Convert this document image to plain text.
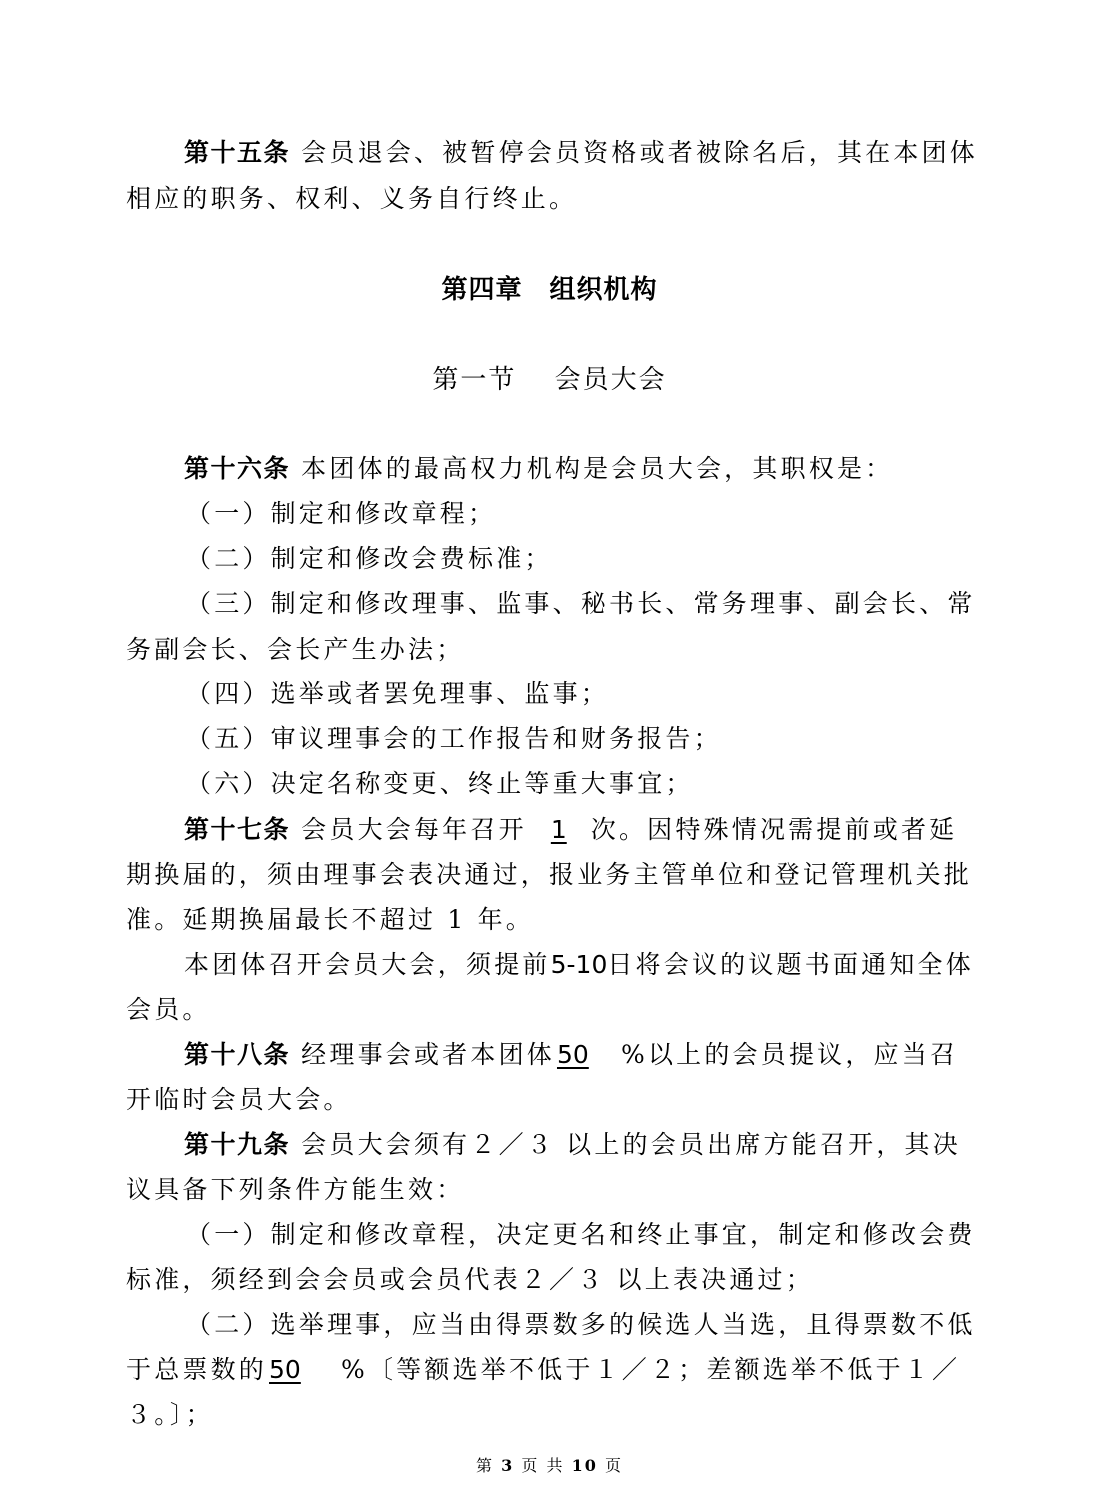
第十五条 会员退会、被暂停会员资格或者被除名后，其在本团体
相应的职务、权利、义务自行终止。
第四章　组织机构
第一节　 会员大会
第十六条 本团体的最高权力机构是会员大会，其职权是：
（一）制定和修改章程；
（二）制定和修改会费标准；
（三）制定和修改理事、监事、秘书长、常务理事、副会长、常
务副会长、会长产生办法；
（四）选举或者罢免理事、监事；
（五）审议理事会的工作报告和财务报告；
（六）决定名称变更、终止等重大事宜；
第十七条 会员大会每年召开 1 次。因特殊情况需提前或者延
期换届的，须由理事会表决通过，报业务主管单位和登记管理机关批
准。延期换届最长不超过 1 年。
本团体召开会员大会，须提前5-10日将会议的议题书面通知全体
会员。
第十八条 经理事会或者本团体50 %以上的会员提议，应当召
开临时会员大会。
第十九条 会员大会须有２／３ 以上的会员出席方能召开，其决
议具备下列条件方能生效：
（一）制定和修改章程，决定更名和终止事宜，制定和修改会费
标准，须经到会会员或会员代表２／３ 以上表决通过；
（二）选举理事，应当由得票数多的候选人当选，且得票数不低
于总票数的50 %〔等额选举不低于１／２；差额选举不低于１／
３。〕；
第 3 页 共 10 页
